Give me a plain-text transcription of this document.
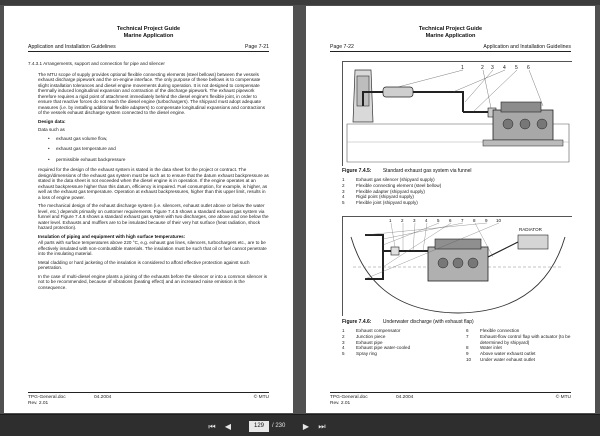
Technical Project Guide
Marine Application
Application and Installation Guidelines	Page 7-21

7.4.3.1 Arrangements, support and connection for pipe and silencer

The MTU scope of supply provides optional flexible connecting elements (steel bellows) between the vessels exhaust discharge pipework and the on-engine interface. The only purpose of these bellows is to compensate slight installation tolerances and diesel engine movements during operation. It is not designed to compensate thermally induced longitudinal expansion and contraction of the discharge pipework. The exhaust pipework therefore requires a rigid point of attachment immediately behind the diesel engine's flexible joint, in order to ensure that reactive forces do not reach the diesel engine (turbochargers). The shipyard must adopt adequate measures (i.e. by installing additional flexible adapters) to compensate longitudinal expansions and contractions of the vessels exhaust discharge system connected to the diesel engine.

Design data:

Data such as

• exhaust gas volume flow,
• exhaust gas temperature and
• permissible exhaust backpressure

required for the design of the exhaust system is stated in the data sheet for the project or contract. The design/dimensions of the exhaust gas system must be such as to ensure that the datum exhaust backpressure as stated in the data sheet is not exceeded when the diesel engine is in operation. If the engine operates at an exhaust backpressure higher than this datum, efficiency is impaired. Fuel consumption, for example, is higher, as well as the exhaust gas temperature. Operation at exhaust backpressures, higher than this upper limit, results in a loss of engine power.

The mechanical design of the exhaust discharge system (i.e. silencers, exhaust outlet above or below the water level, etc.) depends primarily on customer requirements. Figure 7.4.5 shows a standard exhaust gas system via funnel and Figure 7.4.6 shows a standard exhaust gas system with two discharges, one above and one below the water level. Exhausts and mufflers are to be insulated because of their very hot surface (heat radiation, shock hazard protection).

Insulation of piping and equipment with high surface temperatures:

All parts with surface temperatures above 220 °C, e.g. exhaust gas lines, silencers, turbochargers etc., are to be effectively insulated with non-combustible materials. The insulation must be such that oil or fuel cannot penetrate into the insulating material.

Metal cladding or hard jacketing of the insulation is considered to afford effective protection against such penetration.

In the case of multi-diesel engine plants a joining of the exhausts before the silencer or into a common silencer is not to be recommended, because of vibrations (beating effect) and an increased noise emission is the consequence.

TPG-General.doc	04.2004	© MTU
Rev. 2.01
Technical Project Guide
Marine Application
Page 7-22	Application and Installation Guidelines
1	2 3 4 5 6
Figure 7.4.5: Standard exhaust gas system via funnel
1	Exhaust gas silencer (shipyard supply)
2	Flexible connecting element (steel bellow)
3	Flexible adapter (shipyard supply)
4	Rigid point (shipyard supply)
5	Flexible joint (shipyard supply)
RADIATOR
1 2 3 4 5 6 7 8 9 10
Figure 7.4.6: Underwater discharge (with exhaust flap)
1	Exhaust compensator
2	Junction piece
3	Exhaust pipe
4	Exhaust pipe water-cooled
5	Spray ring
6	Flexible connection
7	Exhaust-flow control flap with actuator (to be determined by shipyard)
8	Water inlet
9	Above water exhaust outlet
10	Under water exhaust outlet
TPG-General.doc	04.2004	© MTU
Rev. 2.01
⏮	◀
129	/ 230	▶	⏭
